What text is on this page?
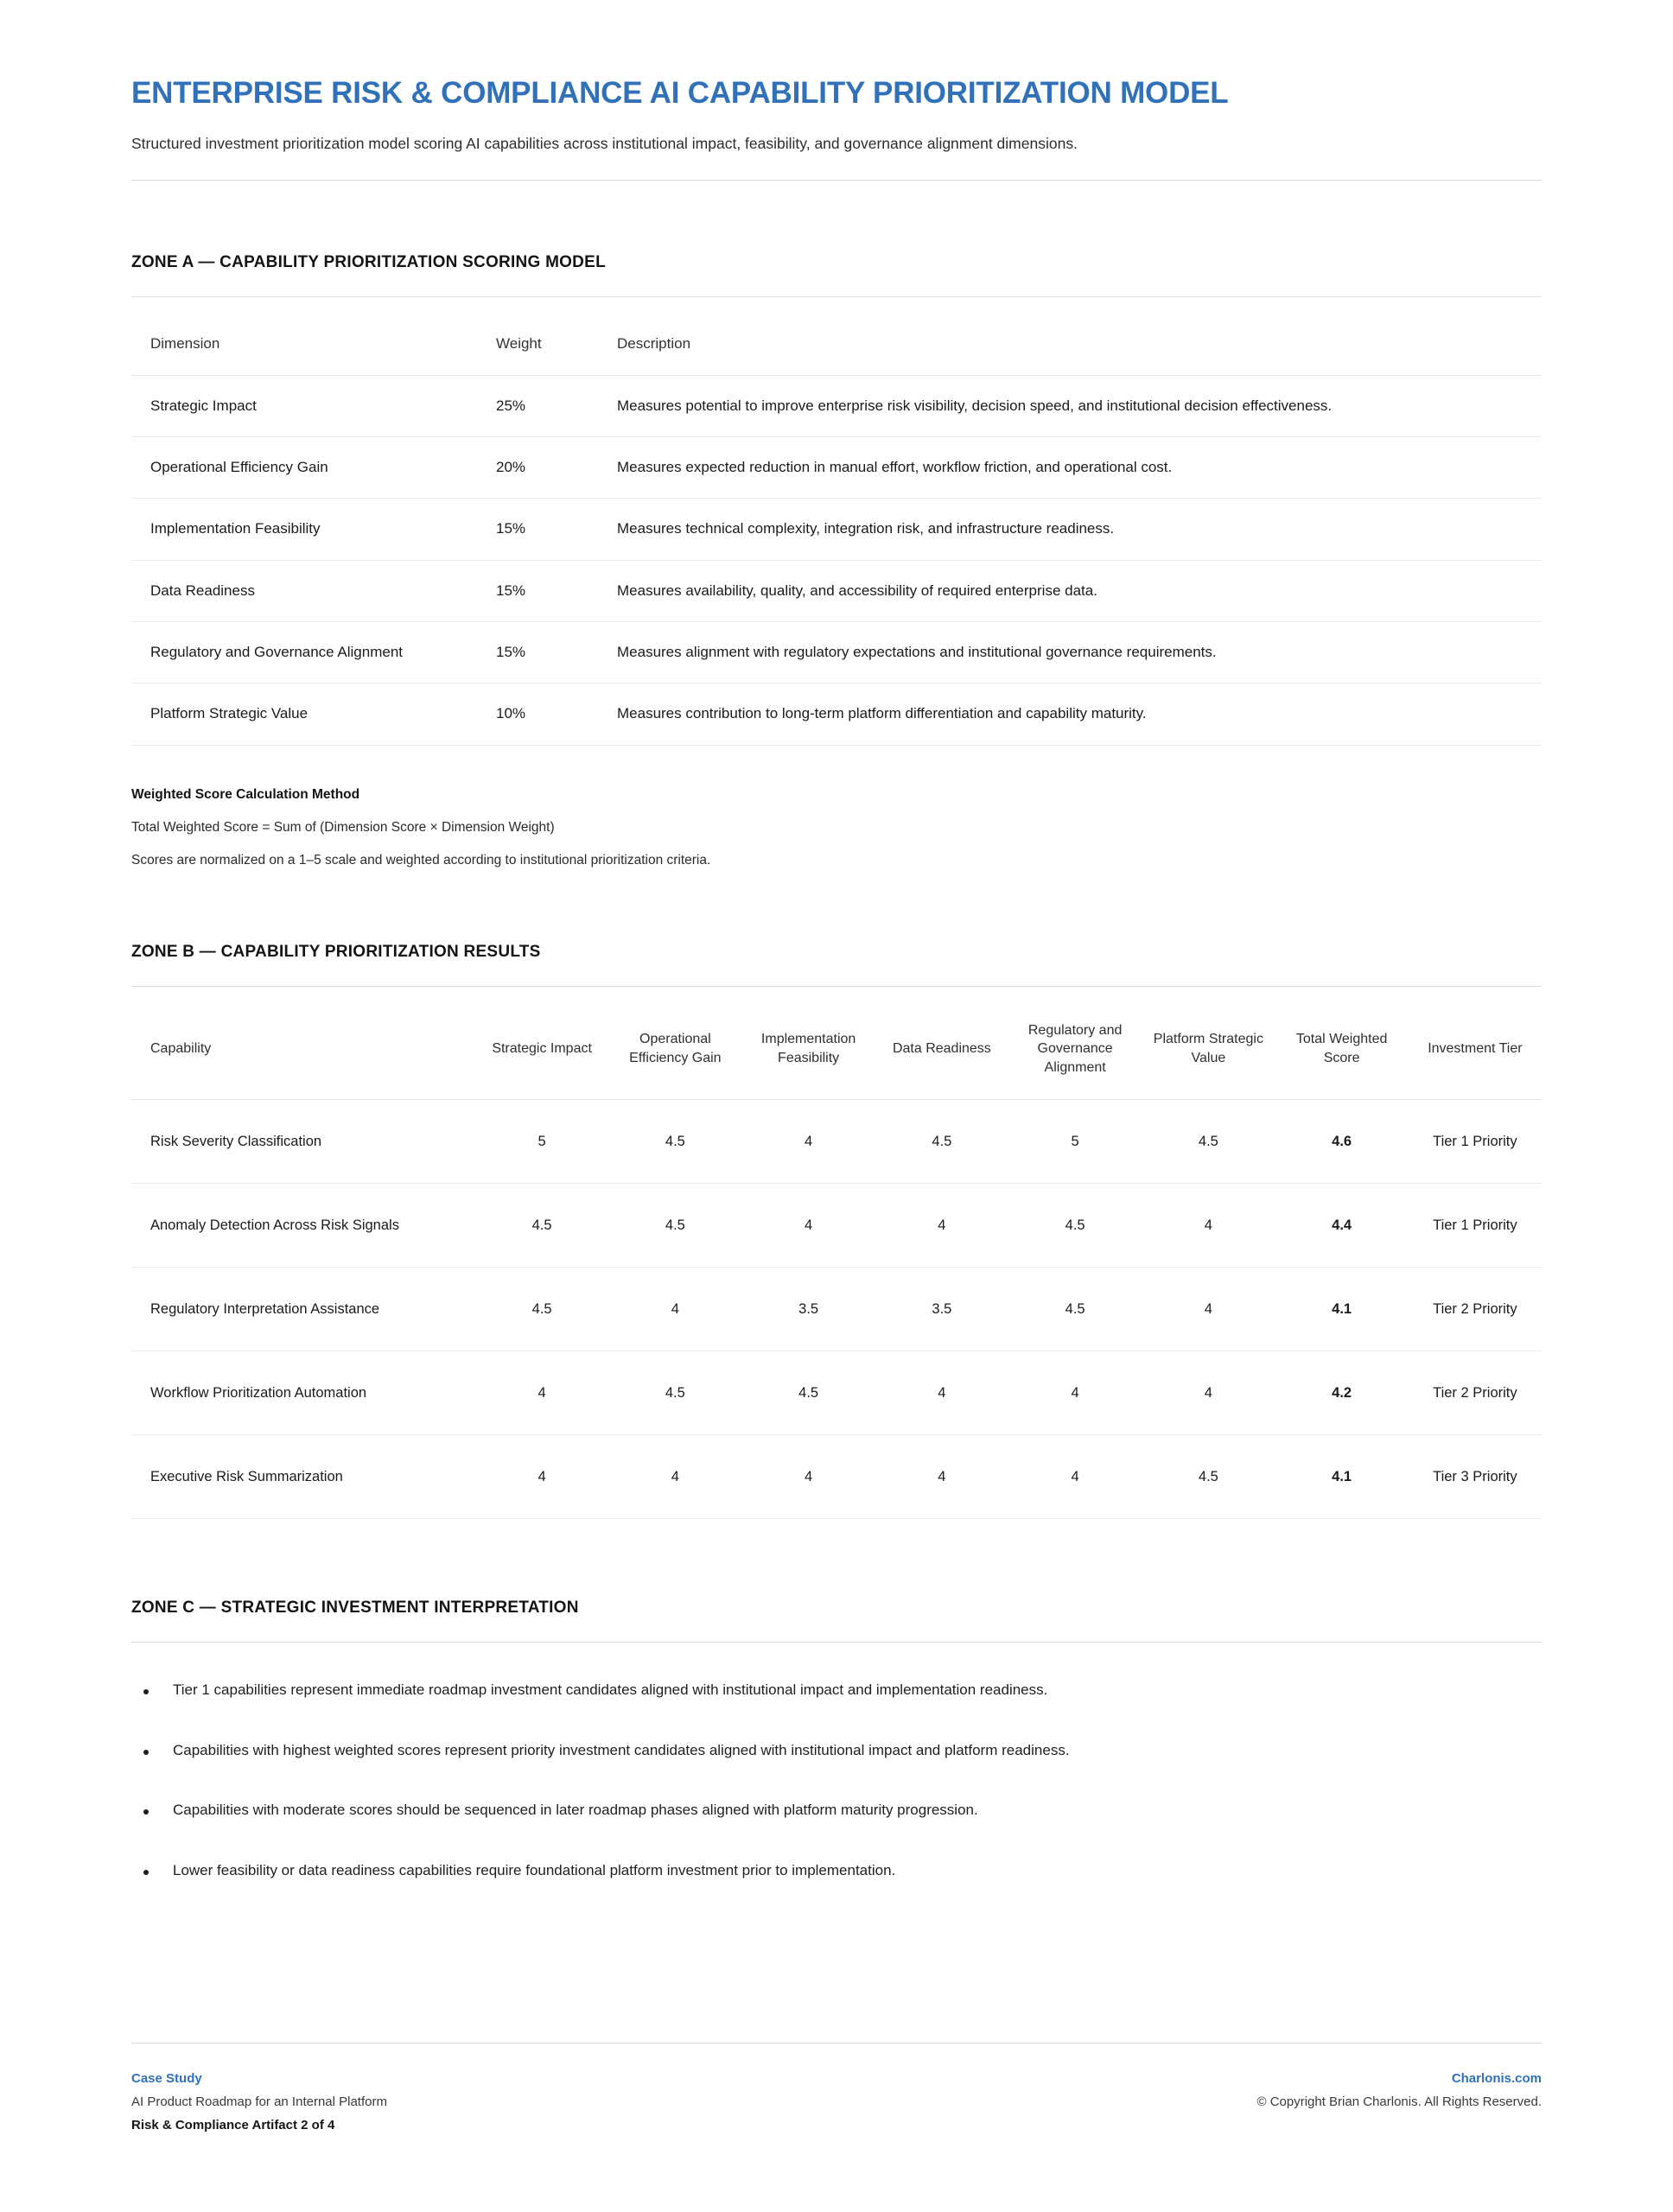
ENTERPRISE RISK & COMPLIANCE AI CAPABILITY PRIORITIZATION MODEL

Structured investment prioritization model scoring AI capabilities across institutional impact, feasibility, and governance alignment dimensions.

ZONE A — CAPABILITY PRIORITIZATION SCORING MODEL
Dimension	Weight	Description
Strategic Impact	25%	Measures potential to improve enterprise risk visibility, decision speed, and institutional decision effectiveness.
Operational Efficiency Gain	20%	Measures expected reduction in manual effort, workflow friction, and operational cost.
Implementation Feasibility	15%	Measures technical complexity, integration risk, and infrastructure readiness.
Data Readiness	15%	Measures availability, quality, and accessibility of required enterprise data.
Regulatory and Governance Alignment	15%	Measures alignment with regulatory expectations and institutional governance requirements.
Platform Strategic Value	10%	Measures contribution to long-term platform differentiation and capability maturity.

Weighted Score Calculation Method

Total Weighted Score = Sum of (Dimension Score × Dimension Weight)

Scores are normalized on a 1–5 scale and weighted according to institutional prioritization criteria.

ZONE B — CAPABILITY PRIORITIZATION RESULTS
Capability	Strategic Impact	Operational Efficiency Gain	Implementation Feasibility	Data Readiness	Regulatory and Governance Alignment	Platform Strategic Value	Total Weighted Score	Investment Tier
Risk Severity Classification	5	4.5	4	4.5	5	4.5	4.6	Tier 1 Priority
Anomaly Detection Across Risk Signals	4.5	4.5	4	4	4.5	4	4.4	Tier 1 Priority
Regulatory Interpretation Assistance	4.5	4	3.5	3.5	4.5	4	4.1	Tier 2 Priority
Workflow Prioritization Automation	4	4.5	4.5	4	4	4	4.2	Tier 2 Priority
Executive Risk Summarization	4	4	4	4	4	4.5	4.1	Tier 3 Priority
ZONE C — STRATEGIC INVESTMENT INTERPRETATION
Tier 1 capabilities represent immediate roadmap investment candidates aligned with institutional impact and implementation readiness.
Capabilities with highest weighted scores represent priority investment candidates aligned with institutional impact and platform readiness.
Capabilities with moderate scores should be sequenced in later roadmap phases aligned with platform maturity progression.
Lower feasibility or data readiness capabilities require foundational platform investment prior to implementation.

Case Study

AI Product Roadmap for an Internal Platform

Risk & Compliance Artifact 2 of 4

Charlonis.com

© Copyright Brian Charlonis. All Rights Reserved.
